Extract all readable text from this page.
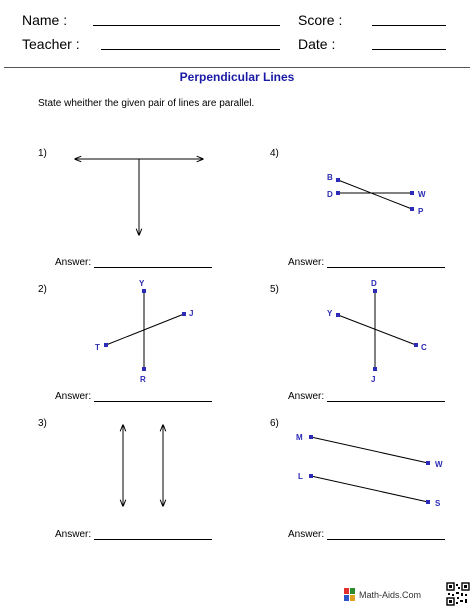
Name :	Score :
Teacher :	Date :
Perpendicular Lines
State wheither the given pair of lines are parallel.
1)
2)
3)
4)
5)
6)
Answer:
Answer:
Answer:
Answer:
Answer:
Answer:
Y
J
T
R
B
D	W
P
D
Y
C
J
M
W
L
S
Math-Aids.Com
